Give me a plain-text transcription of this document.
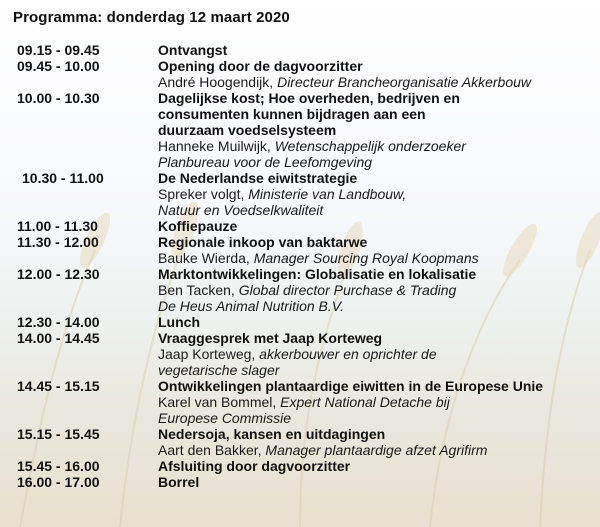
Programma: donderdag 12 maart 2020
09.15 - 09.45	Ontvangst
09.45 - 10.00	Opening door de dagvoorzitter
André Hoogendijk, Directeur Brancheorganisatie Akkerbouw
10.00 - 10.30	Dagelijkse kost; Hoe overheden, bedrijven en
consumenten kunnen bijdragen aan een
duurzaam voedselsysteem
Hanneke Muilwijk, Wetenschappelijk onderzoeker
Planbureau voor de Leefomgeving
10.30 - 11.00	De Nederlandse eiwitstrategie
Spreker volgt, Ministerie van Landbouw,
Natuur en Voedselkwaliteit
11.00 - 11.30	Koffiepauze
11.30 - 12.00	Regionale inkoop van baktarwe
Bauke Wierda, Manager Sourcing Royal Koopmans
12.00 - 12.30	Marktontwikkelingen: Globalisatie en lokalisatie
Ben Tacken, Global director Purchase & Trading
De Heus Animal Nutrition B.V.
12.30 - 14.00	Lunch
14.00 - 14.45	Vraaggesprek met Jaap Korteweg
Jaap Korteweg, akkerbouwer en oprichter de
vegetarische slager
14.45 - 15.15	Ontwikkelingen plantaardige eiwitten in de Europese Unie
Karel van Bommel, Expert National Detache bij
Europese Commissie
15.15 - 15.45	Nedersoja, kansen en uitdagingen
Aart den Bakker, Manager plantaardige afzet Agrifirm
15.45 - 16.00	Afsluiting door dagvoorzitter
16.00 - 17.00	Borrel
